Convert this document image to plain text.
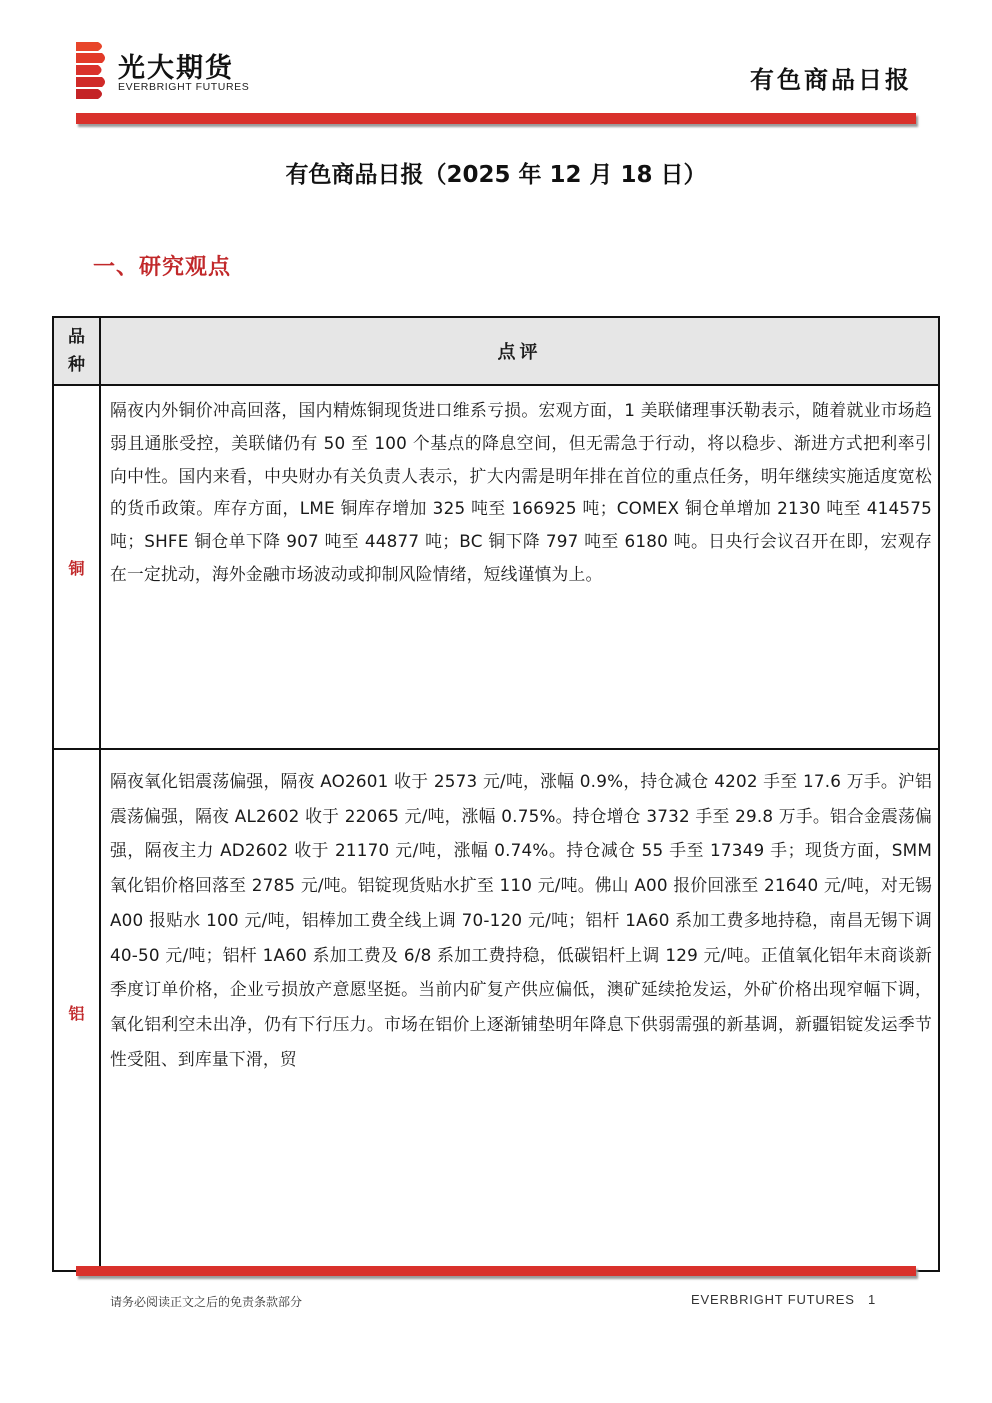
光大期货
EVERBRIGHT FUTURES	有色商品日报
有色商品日报（2025 年 12 月 18 日）
一、研究观点
品种
点评
铜
隔夜内外铜价冲高回落，国内精炼铜现货进口维系亏损。宏观方面，1 美联储理事沃勒表示，随着就业市场趋弱且通胀受控，美联储仍有 50 至 100 个基点的降息空间，但无需急于行动，将以稳步、渐进方式把利率引向中性。国内来看，中央财办有关负责人表示，扩大内需是明年排在首位的重点任务，明年继续实施适度宽松的货币政策。库存方面，LME 铜库存增加 325 吨至 166925 吨；COMEX 铜仓单增加 2130 吨至 414575 吨；SHFE 铜仓单下降 907 吨至 44877 吨；BC 铜下降 797 吨至 6180 吨。日央行会议召开在即，宏观存在一定扰动，海外金融市场波动或抑制风险情绪，短线谨慎为上。
铝
隔夜氧化铝震荡偏强，隔夜 AO2601 收于 2573 元/吨，涨幅 0.9%，持仓减仓 4202 手至 17.6 万手。沪铝震荡偏强，隔夜 AL2602 收于 22065 元/吨，涨幅 0.75%。持仓增仓 3732 手至 29.8 万手。铝合金震荡偏强，隔夜主力 AD2602 收于 21170 元/吨，涨幅 0.74%。持仓减仓 55 手至 17349 手；现货方面，SMM 氧化铝价格回落至 2785 元/吨。铝锭现货贴水扩至 110 元/吨。佛山 A00 报价回涨至 21640 元/吨，对无锡 A00 报贴水 100 元/吨，铝棒加工费全线上调 70-120 元/吨；铝杆 1A60 系加工费多地持稳，南昌无锡下调 40-50 元/吨；铝杆 1A60 系加工费及 6/8 系加工费持稳，低碳铝杆上调 129 元/吨。正值氧化铝年末商谈新季度订单价格，企业亏损放产意愿坚挺。当前内矿复产供应偏低，澳矿延续抢发运，外矿价格出现窄幅下调，氧化铝利空未出净，仍有下行压力。市场在铝价上逐渐铺垫明年降息下供弱需强的新基调，新疆铝锭发运季节性受阻、到库量下滑，贸
请务必阅读正文之后的免责条款部分	EVERBRIGHT FUTURES 1
